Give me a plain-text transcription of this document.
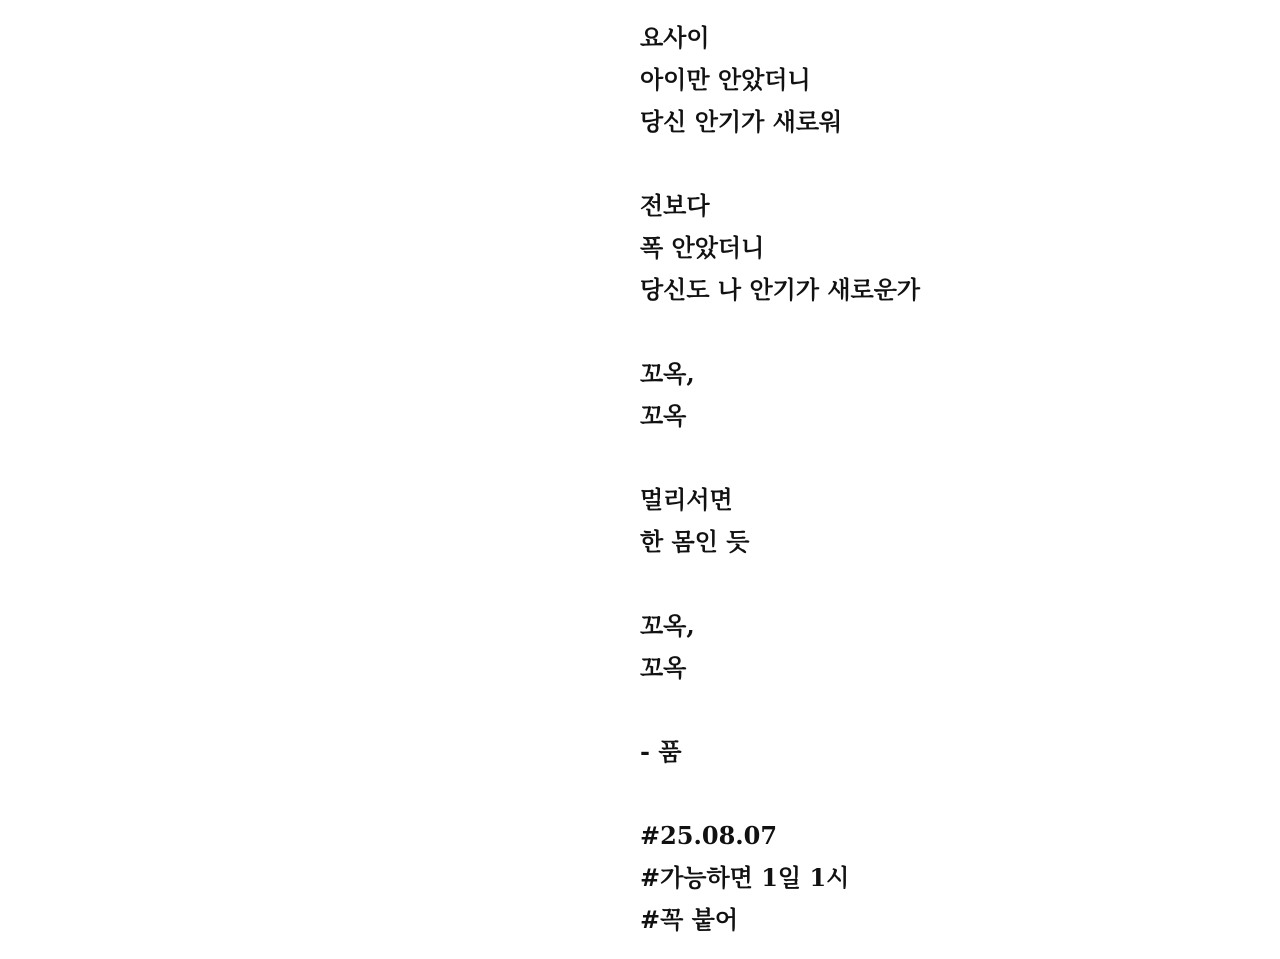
요사이
아이만 안았더니
당신 안기가 새로워
전보다
폭 안았더니
당신도 나 안기가 새로운가
꼬옥,
꼬옥
멀리서면
한 몸인 듯
꼬옥,
꼬옥
- 품
#25.08.07
#가능하면 1일 1시
#꼭 붙어
